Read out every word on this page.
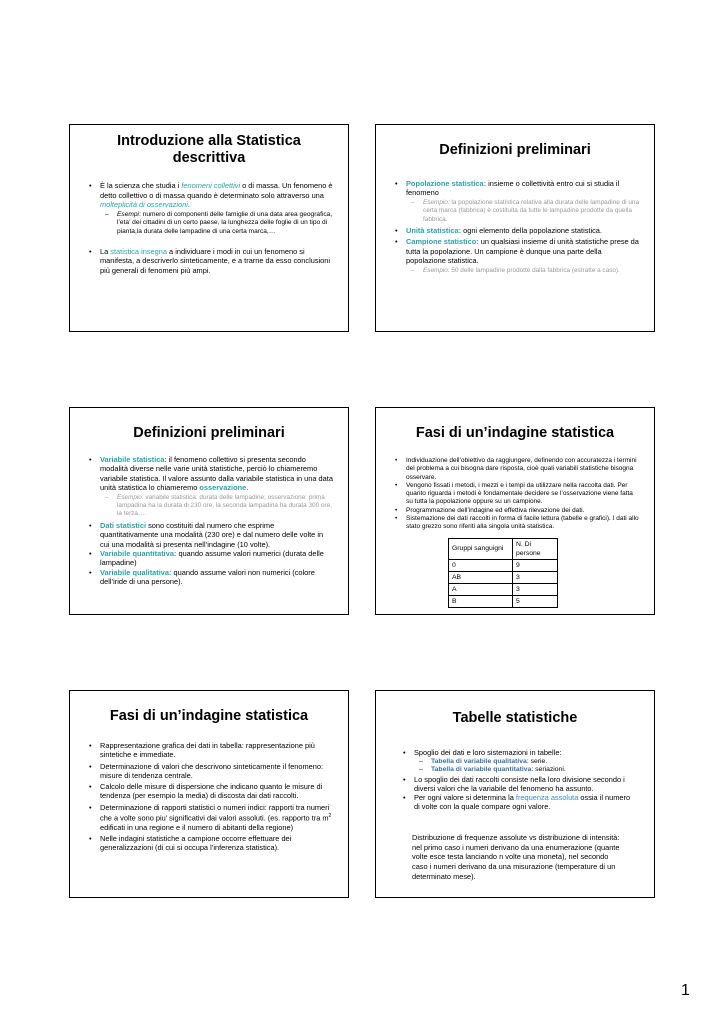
Introduzione alla Statistica
descrittiva
• È la scienza che studia i fenomeni collettivi o di massa. Un fenomeno è detto collettivo o di massa quando è determinato solo attraverso una molteplicità di osservazioni.
– Esempi: numero di componenti delle famiglie di una data area geografica, l’eta’ dei cittadini di un certo paese, la lunghezza delle foglie di un tipo di pianta,la durata delle lampadine di una certa marca,…
• La statistica insegna a individuare i modi in cui un fenomeno si manifesta, a descriverlo sinteticamente, e a trarne da esso conclusioni più generali di fenomeni più ampi.
Definizioni preliminari
• Popolazione statistica: insieme o collettività entro cui si studia il fenomeno
– Esempio: la popolazione statistica relativa alla durata delle lampadine di una certa marca (fabbrica) è costituita da tutte le lampadine prodotte da quella fabbrica.
• Unità statistica: ogni elemento della popolazione statistica.
• Campione statistico: un qualsiasi insieme di unità statistiche prese da tutta la popolazione. Un campione è dunque una parte della popolazione statistica.
– Esempio: 50 delle lampadine prodotte dalla fabbrica (estratte a caso).
Definizioni preliminari
• Variabile statistica: il fenomeno collettivo si presenta secondo modalità diverse nelle varie unità statistiche, perciò lo chiameremo variabile statistica. Il valore assunto dalla variabile statistica in una data unità statistica lo chiameremo osservazione.
– Esempio: variabile statistica: durata delle lampadine; osservazione: prima lampadina ha la durata di 230 ore, la seconda lampadina ha durata 300 ore, la terza….
• Dati statistici sono costituiti dal numero che esprime quantitativamente una modalità (230 ore) e dal numero delle volte in cui una modalità si presenta nell’indagine (10 volte).
• Variabile quantitativa: quando assume valori numerici (durata delle lampadine)
• Variabile qualitativa: quando assume valori non numerici (colore dell’iride di una persone).
Fasi di un’indagine statistica
• Individuazione dell’obiettivo da raggiungere, definendo con accuratezza i termini del problema a cui bisogna dare risposta, cioè quali variabili statistiche bisogna osservare.
• Vengono fissati i metodi, i mezzi e i tempi da utilizzare nella raccolta dati. Per quanto riguarda i metodi è fondamentale decidere se l’osservazione viene fatta su tutta la popolazione oppure su un campione.
• Programmazione dell’indagine ed effettiva rilevazione dei dati.
• Sistemazione dei dati raccolti in forma di facile lettura (tabelle e grafici). I dati allo stato grezzo sono riferiti alla singola unità statistica.
Gruppi sanguigni	N. Di persone
0	9
AB	3
A	3
B	5
Fasi di un’indagine statistica
• Rappresentazione grafica dei dati in tabella: rappresentazione più sintetiche e immediate.
• Determinazione di valori che descrivono sinteticamente il fenomeno: misure di tendenza centrale.
• Calcolo delle misure di dispersione che indicano quanto le misure di tendenza (per esempio la media) di discosta dai dati raccolti.
• Determinazione di rapporti statistici o numeri indici: rapporti tra numeri che a volte sono piu’ significativi dai valori assoluti. (es. rapporto tra $m^2$ edificati in una regione e il numero di abitanti della regione)
• Nelle indagini statistiche a campione occorre effettuare dei generalizzazioni (di cui si occupa l’inferenza statistica).
Tabelle statistiche
• Spoglio dei dati e loro sistemazioni in tabelle:
– Tabella di variabile qualitativa: serie.
– Tabella di variabile quantitativa: seriazioni.
• Lo spoglio dei dati raccolti consiste nella loro divisione secondo i diversi valori che la variabile del fenomeno ha assunto.
• Per ogni valore si determina la frequenza assoluta ossia il numero di volte con la quale compare ogni valore.
Distribuzione di frequenze assolute vs distribuzione di intensità: nel primo caso i numeri derivano da una enumerazione (quante volte esce testa lanciando n volte una moneta), nel secondo caso i numeri derivano da una misurazione (temperature di un determinato mese).
1
